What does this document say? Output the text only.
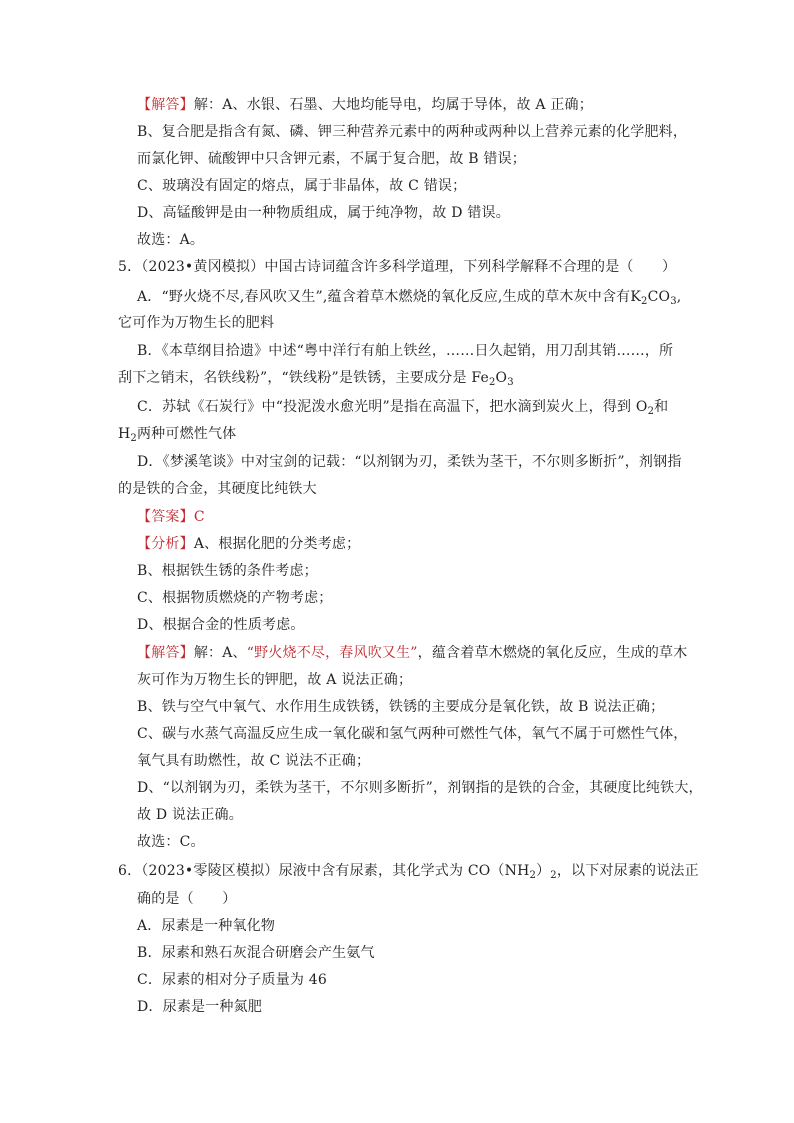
【解答】解：A、水银、石墨、大地均能导电，均属于导体，故 A 正确；
B、复合肥是指含有氮、磷、钾三种营养元素中的两种或两种以上营养元素的化学肥料，
而氯化钾、硫酸钾中只含钾元素，不属于复合肥，故 B 错误；
C、玻璃没有固定的熔点，属于非晶体，故 C 错误；
D、高锰酸钾是由一种物质组成，属于纯净物，故 D 错误。
故选：A。
5．（2023•黄冈模拟）中国古诗词蕴含许多科学道理，下列科学解释不合理的是（　　）
A．“野火烧不尽,春风吹又生”,蕴含着草木燃烧的氧化反应,生成的草木灰中含有$K_2CO_3$,
它可作为万物生长的肥料
B．《本草纲目拾遗》中述“粤中洋行有舶上铁丝，……日久起销，用刀刮其销……，所
刮下之销末，名铁线粉”，“铁线粉”是铁锈，主要成分是 $Fe_2O_3$
C．苏轼《石炭行》中“投泥泼水愈光明”是指在高温下，把水滴到炭火上，得到 $O_2$和
$H_2$两种可燃性气体
D．《梦溪笔谈》中对宝剑的记载：“以剂钢为刃，柔铁为茎干，不尔则多断折”，剂钢指
的是铁的合金，其硬度比纯铁大
【答案】C
【分析】A、根据化肥的分类考虑；
B、根据铁生锈的条件考虑；
C、根据物质燃烧的产物考虑；
D、根据合金的性质考虑。
【解答】解：A、“野火烧不尽，春风吹又生”，蕴含着草木燃烧的氧化反应，生成的草木
灰可作为万物生长的钾肥，故 A 说法正确；
B、铁与空气中氧气、水作用生成铁锈，铁锈的主要成分是氧化铁，故 B 说法正确；
C、碳与水蒸气高温反应生成一氧化碳和氢气两种可燃性气体，氧气不属于可燃性气体，
氧气具有助燃性，故 C 说法不正确；
D、“以剂钢为刃，柔铁为茎干，不尔则多断折”，剂钢指的是铁的合金，其硬度比纯铁大，
故 D 说法正确。
故选：C。
6．（2023•零陵区模拟）尿液中含有尿素，其化学式为 $CO(NH_2)_2$，以下对尿素的说法正
确的是（　　）
A．尿素是一种氧化物
B．尿素和熟石灰混合研磨会产生氨气
C．尿素的相对分子质量为 46
D．尿素是一种氮肥
